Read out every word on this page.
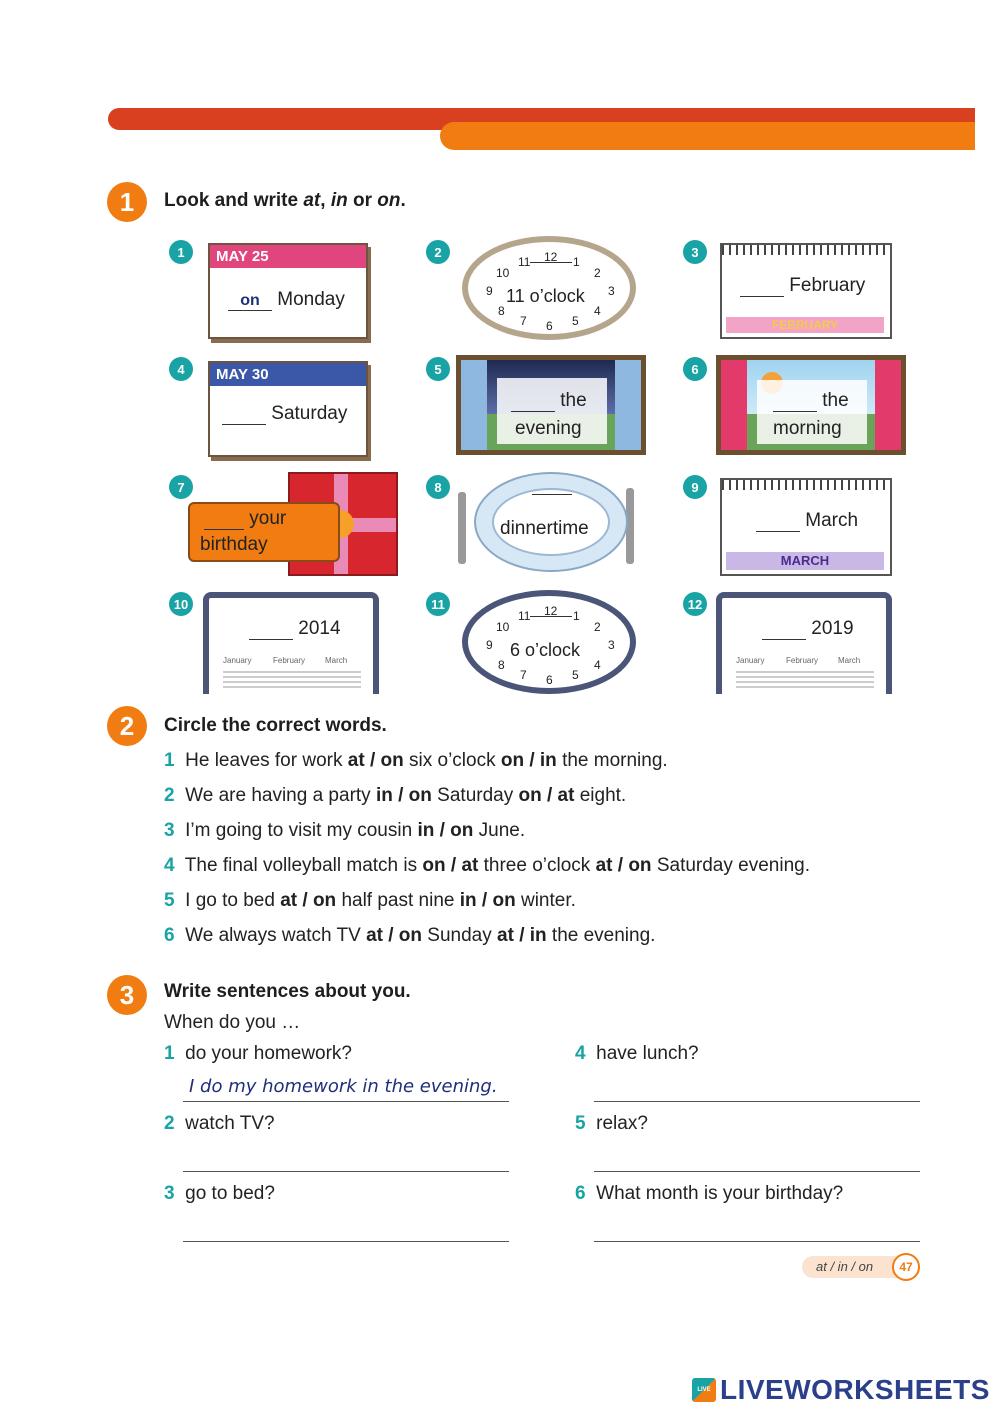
1	Look and write at, in or on.
1	MAY 25
on Monday
2
11 o’clock
12 1
2
3
4
5
6
7
8
9
10
11
3
February
FEBRUARY
4	MAY 30
Saturday
5
the
evening
6
the
morning
7
your
birthday
8
dinnertime
9
March
MARCH
10
2014
January	February March
11
6 o’clock
12 1
2
3
4
5
6
7
8
9
10
11
12
2019
January	February March
2	Circle the correct words.
1 He leaves for work at / on six o’clock on / in the morning.
2 We are having a party in / on Saturday on / at eight.
3 I’m going to visit my cousin in / on June.
4 The final volleyball match is on / at three o’clock at / on Saturday evening.
5 I go to bed at / on half past nine in / on winter.
6 We always watch TV at / on Sunday at / in the evening.
3	Write sentences about you.
When do you …
1 do your homework?
I do my homework in the evening.
2 watch TV?
3 go to bed?
4 have lunch?
5 relax?
6 What month is your birthday?
at / in / on	47
LIVE LIVEWORKSHEETS
